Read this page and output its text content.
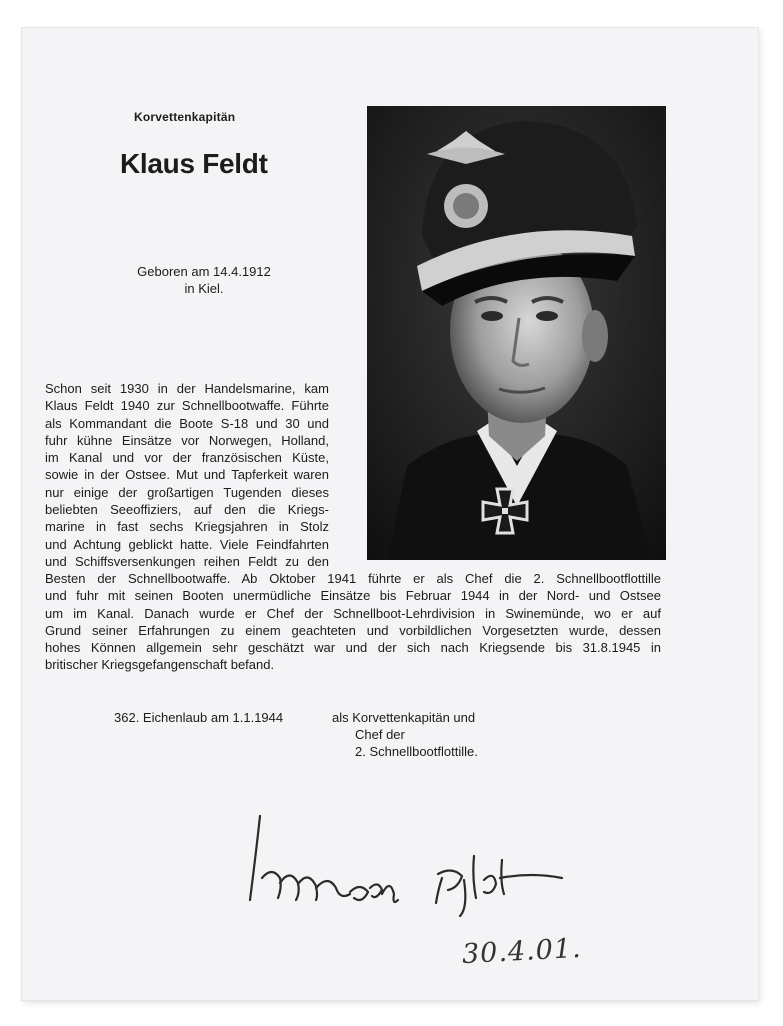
Korvettenkapitän
Klaus Feldt
Geboren am 14.4.1912
in Kiel.
Schon seit 1930 in der Handelsmarine, kam
Klaus Feldt 1940 zur Schnellbootwaffe. Führte
als Kommandant die Boote S-18 und 30 und
fuhr kühne Einsätze vor Norwegen, Holland,
im Kanal und vor der französischen Küste,
sowie in der Ostsee. Mut und Tapferkeit waren
nur einige der großartigen Tugenden dieses
beliebten Seeoffiziers, auf den die Kriegs-
marine in fast sechs Kriegsjahren in Stolz
und Achtung geblickt hatte. Viele Feindfahrten
und Schiffsversenkungen reihen Feldt zu den
Besten der Schnellbootwaffe. Ab Oktober 1941 führte er als Chef die 2. Schnellbootflottille
und fuhr mit seinen Booten unermüdliche Einsätze bis Februar 1944 in der Nord- und Ostsee
um im Kanal. Danach wurde er Chef der Schnellboot-Lehrdivision in Swinemünde, wo er auf
Grund seiner Erfahrungen zu einem geachteten und vorbildlichen Vorgesetzten wurde, dessen
hohes Können allgemein sehr geschätzt war und der sich nach Kriegsende bis 31.8.1945 in
britischer Kriegsgefangenschaft befand.
362. Eichenlaub am 1.1.1944	als Korvettenkapitän und
Chef der
2. Schnellbootflottille.
30.4.01.
